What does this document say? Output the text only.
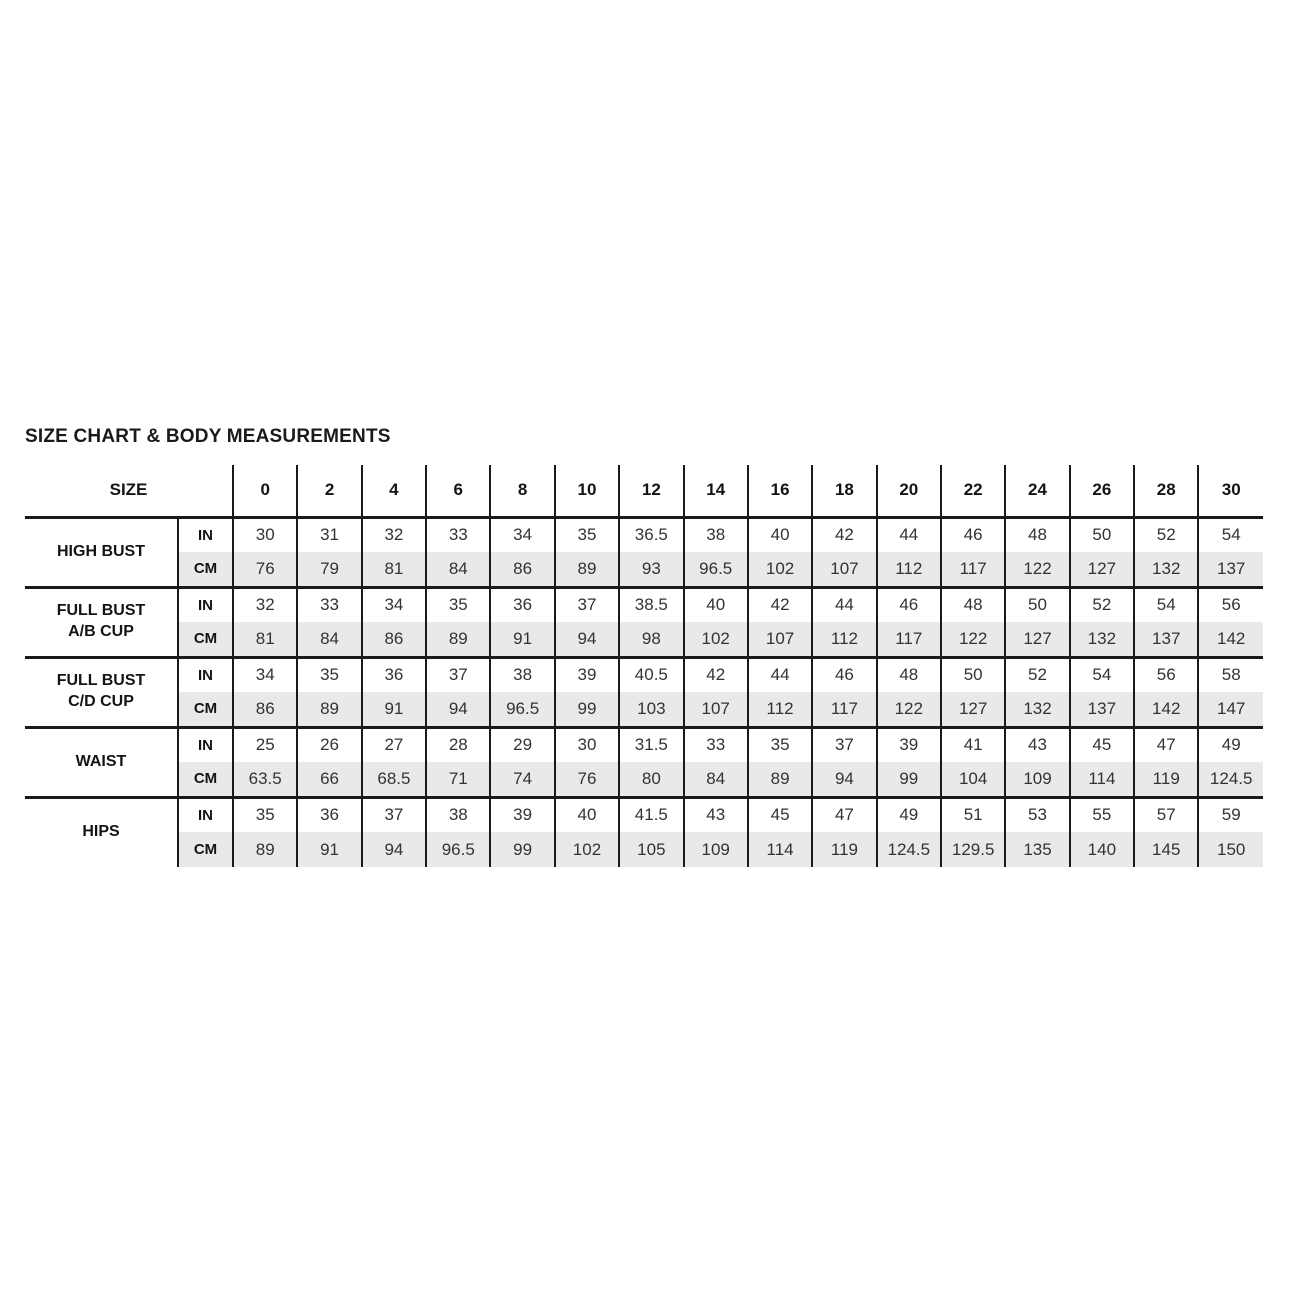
SIZE CHART & BODY MEASUREMENTS
SIZE		0	2	4	6	8	10	12	14	16	18	20	22	24	26	28	30
HIGH BUST	IN	30	31	32	33	34	35	36.5	38	40	42	44	46	48	50	52	54
	CM	76	79	81	84	86	89	93	96.5	102	107	112	117	122	127	132	137
FULL BUST
A/B CUP	IN	32	33	34	35	36	37	38.5	40	42	44	46	48	50	52	54	56
	CM	81	84	86	89	91	94	98	102	107	112	117	122	127	132	137	142
FULL BUST
C/D CUP	IN	34	35	36	37	38	39	40.5	42	44	46	48	50	52	54	56	58
	CM	86	89	91	94	96.5	99	103	107	112	117	122	127	132	137	142	147
WAIST	IN	25	26	27	28	29	30	31.5	33	35	37	39	41	43	45	47	49
	CM	63.5	66	68.5	71	74	76	80	84	89	94	99	104	109	114	119	124.5
HIPS	IN	35	36	37	38	39	40	41.5	43	45	47	49	51	53	55	57	59
	CM	89	91	94	96.5	99	102	105	109	114	119	124.5	129.5	135	140	145	150
